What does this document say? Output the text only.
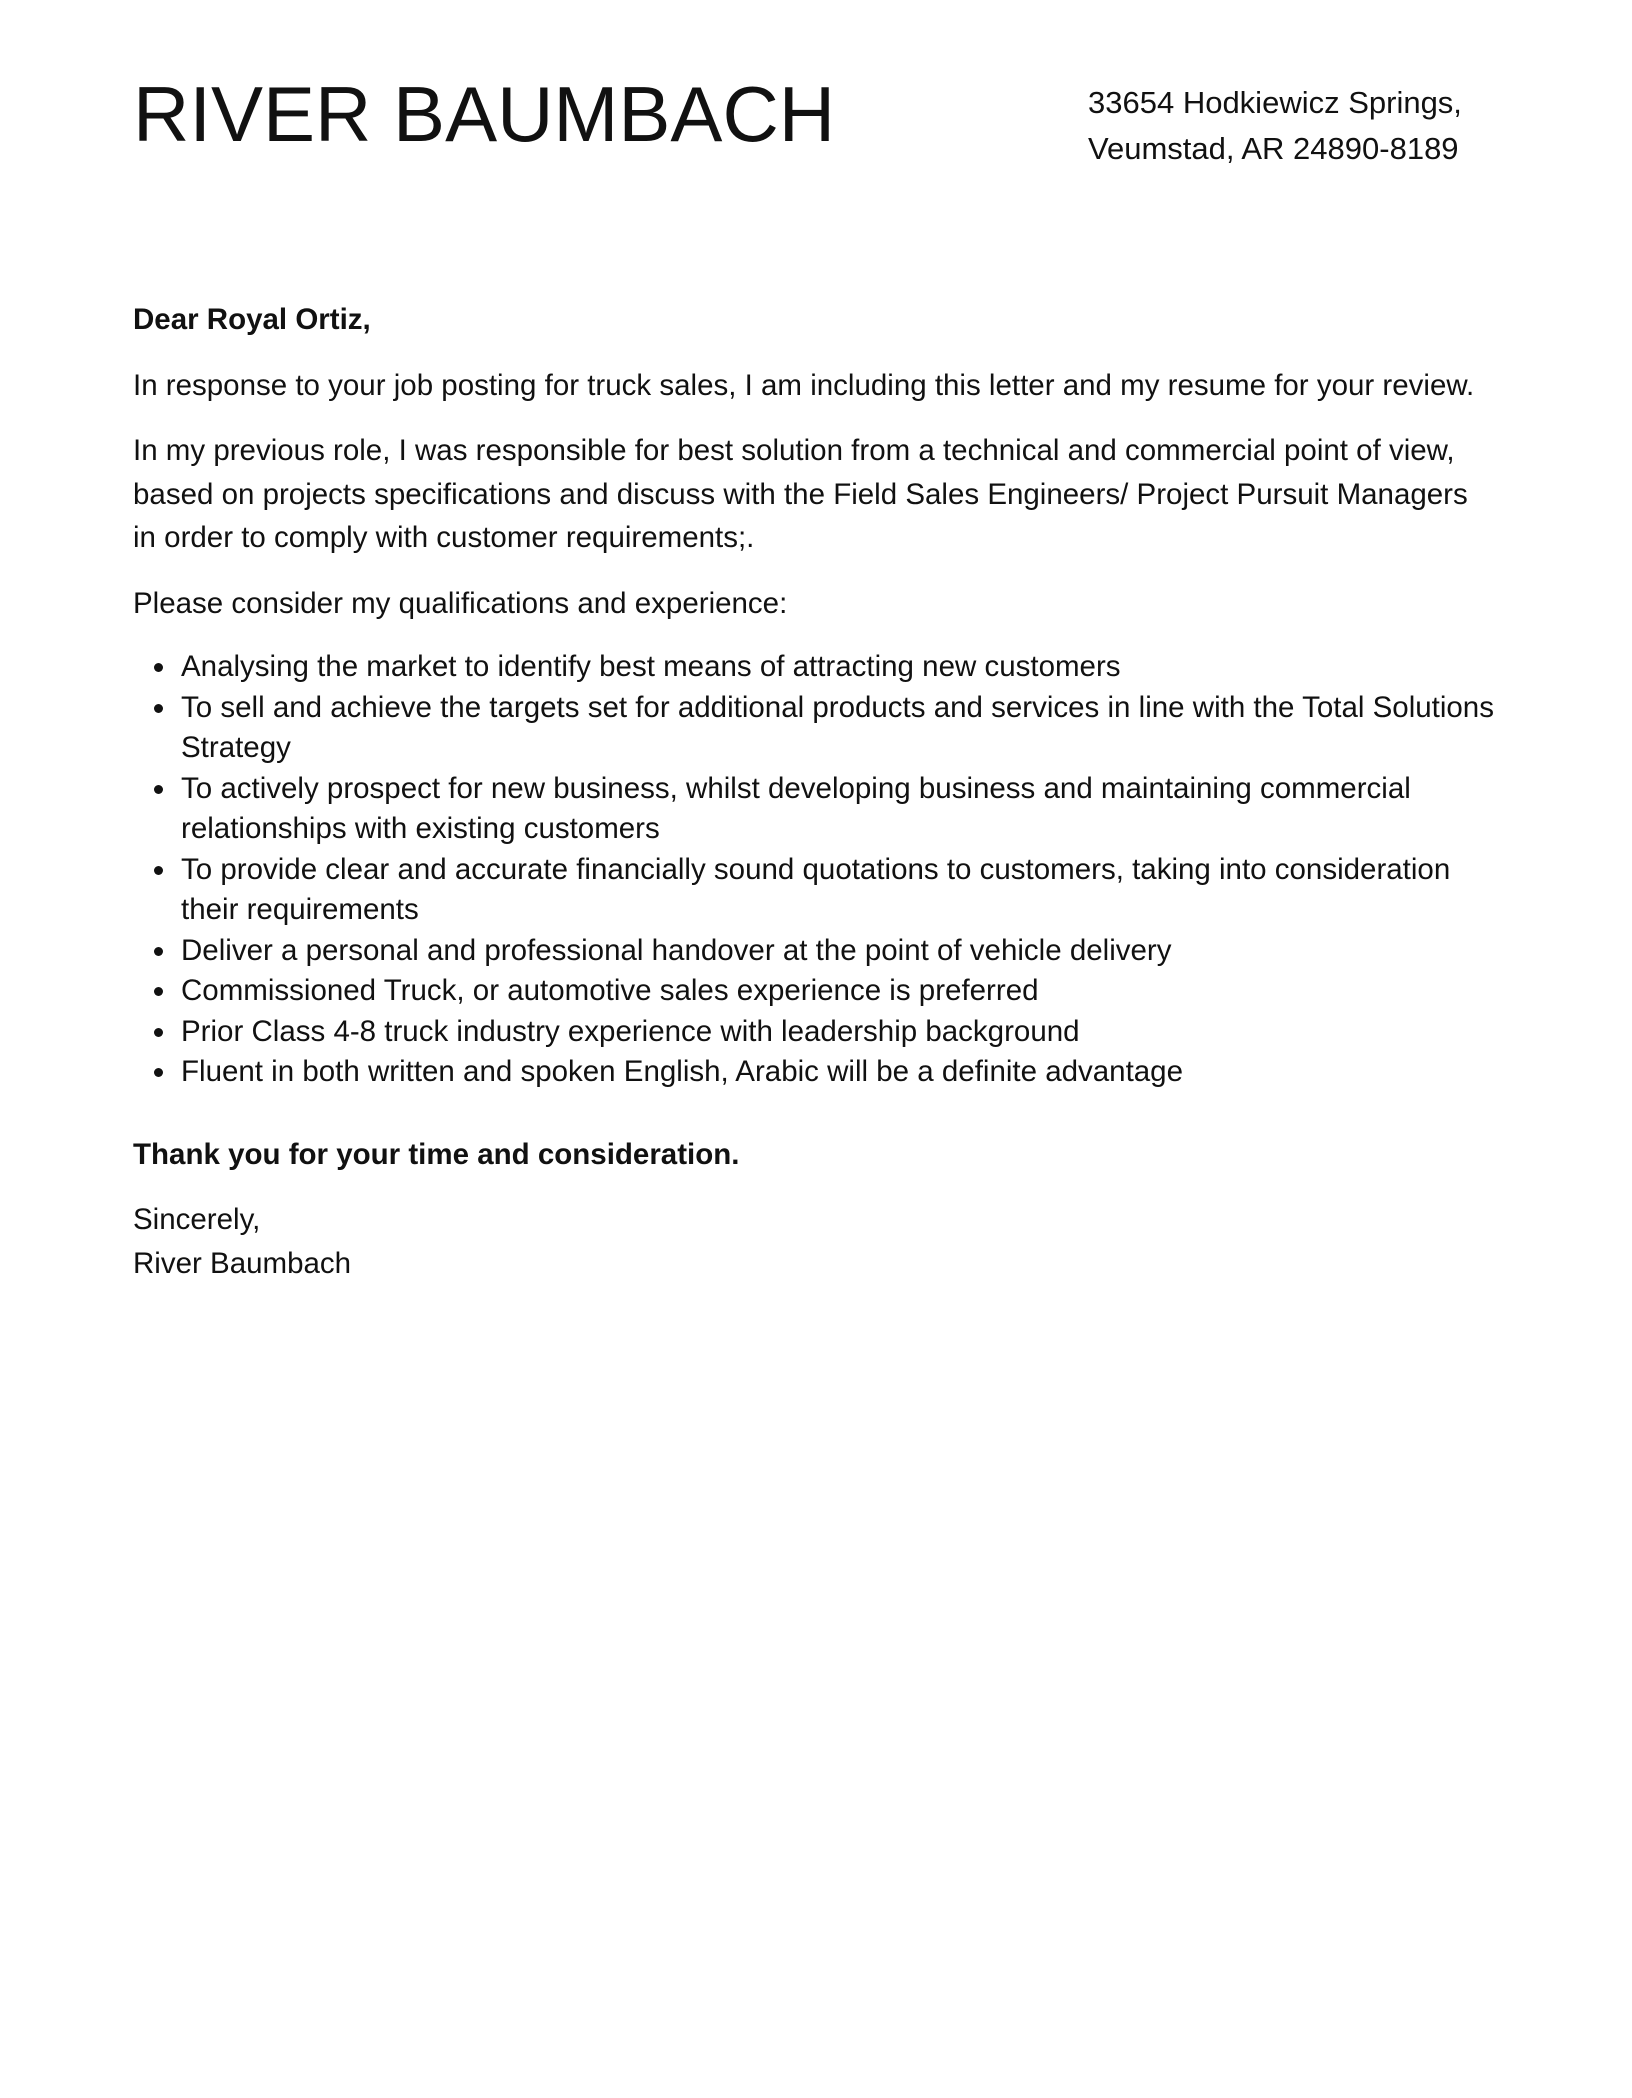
RIVER BAUMBACH	33654 Hodkiewicz Springs,
Veumstad, AR 24890-8189

Dear Royal Ortiz,

In response to your job posting for truck sales, I am including this letter and my resume for your review.

In my previous role, I was responsible for best solution from a technical and commercial point of view, based on projects specifications and discuss with the Field Sales Engineers/ Project Pursuit Managers in order to comply with customer requirements;.

Please consider my qualifications and experience:

Analysing the market to identify best means of attracting new customers
To sell and achieve the targets set for additional products and services in line with the Total Solutions Strategy
To actively prospect for new business, whilst developing business and maintaining commercial relationships with existing customers
To provide clear and accurate financially sound quotations to customers, taking into consideration their requirements
Deliver a personal and professional handover at the point of vehicle delivery
Commissioned Truck, or automotive sales experience is preferred
Prior Class 4-8 truck industry experience with leadership background
Fluent in both written and spoken English, Arabic will be a definite advantage

Thank you for your time and consideration.

Sincerely,
River Baumbach
